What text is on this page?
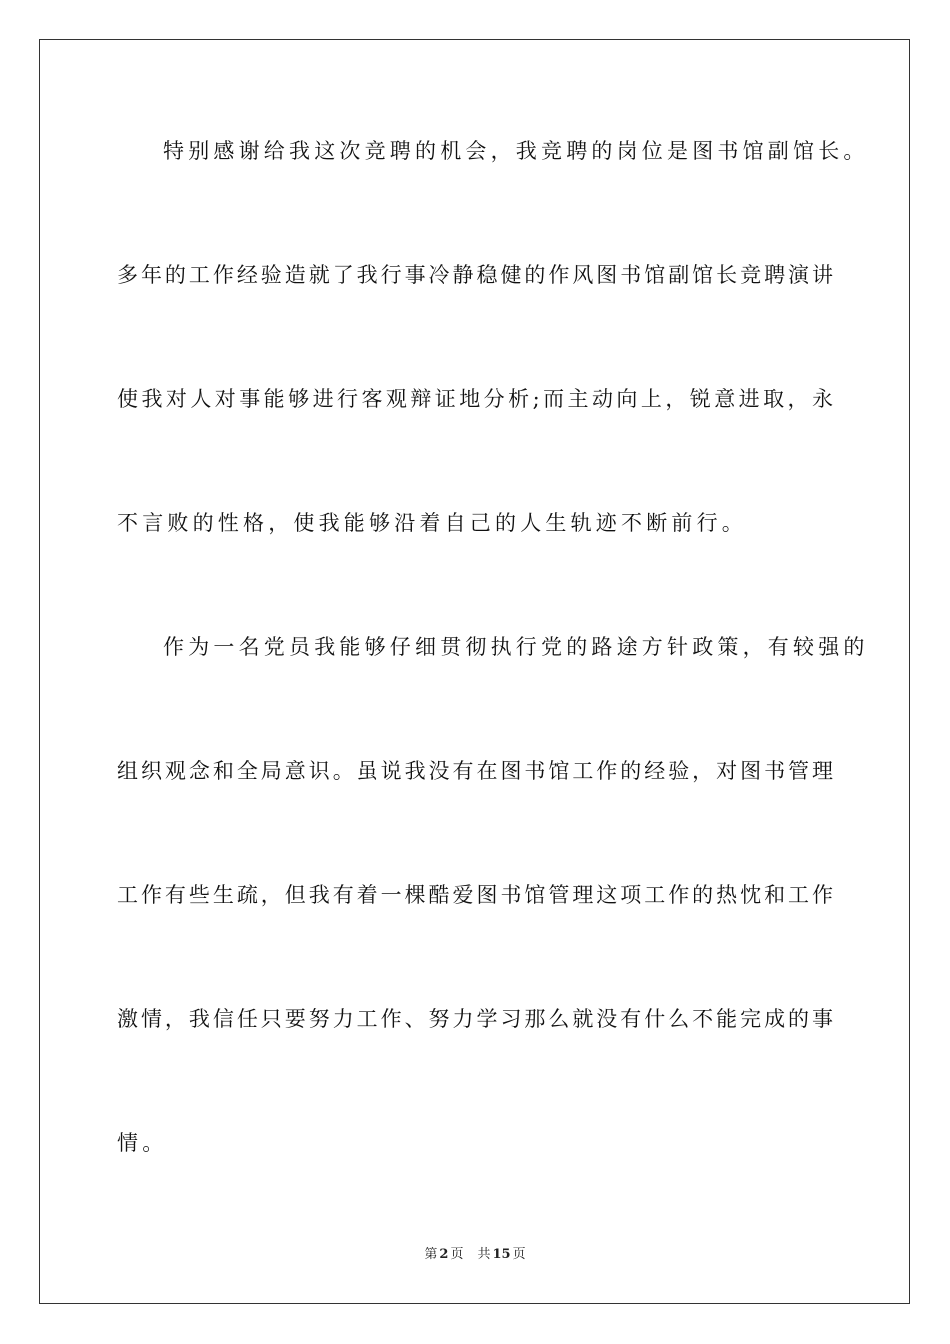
特别感谢给我这次竞聘的机会，我竞聘的岗位是图书馆副馆长。

多年的工作经验造就了我行事冷静稳健的作风图书馆副馆长竞聘演讲

使我对人对事能够进行客观辩证地分析;而主动向上，锐意进取，永

不言败的性格，使我能够沿着自己的人生轨迹不断前行。

作为一名党员我能够仔细贯彻执行党的路途方针政策，有较强的

组织观念和全局意识。虽说我没有在图书馆工作的经验，对图书管理

工作有些生疏，但我有着一棵酷爱图书馆管理这项工作的热忱和工作

激情，我信任只要努力工作、努力学习那么就没有什么不能完成的事

情。

第 2 页 共 15 页
